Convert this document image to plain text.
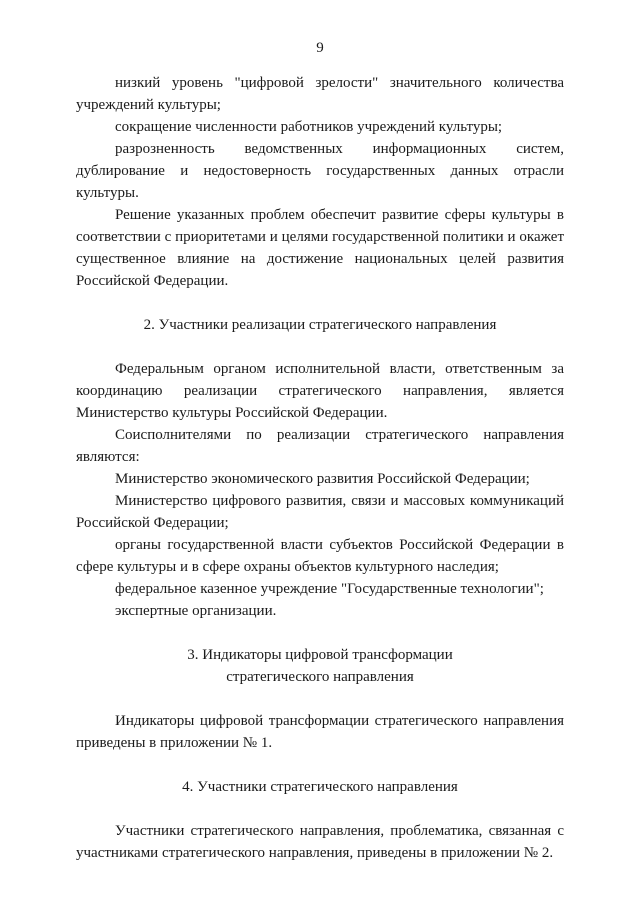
9

низкий уровень "цифровой зрелости" значительного количества учреждений культуры;

сокращение численности работников учреждений культуры;

разрозненность ведомственных информационных систем, дублирование и недостоверность государственных данных отрасли культуры.

Решение указанных проблем обеспечит развитие сферы культуры в соответствии с приоритетами и целями государственной политики и окажет существенное влияние на достижение национальных целей развития Российской Федерации.

2. Участники реализации стратегического направления

Федеральным органом исполнительной власти, ответственным за координацию реализации стратегического направления, является Министерство культуры Российской Федерации.

Соисполнителями по реализации стратегического направления являются:

Министерство экономического развития Российской Федерации;

Министерство цифрового развития, связи и массовых коммуникаций Российской Федерации;

органы государственной власти субъектов Российской Федерации в сфере культуры и в сфере охраны объектов культурного наследия;

федеральное казенное учреждение "Государственные технологии";

экспертные организации.

3. Индикаторы цифровой трансформации

стратегического направления

Индикаторы цифровой трансформации стратегического направления приведены в приложении № 1.

4. Участники стратегического направления

Участники стратегического направления, проблематика, связанная с участниками стратегического направления, приведены в приложении № 2.
